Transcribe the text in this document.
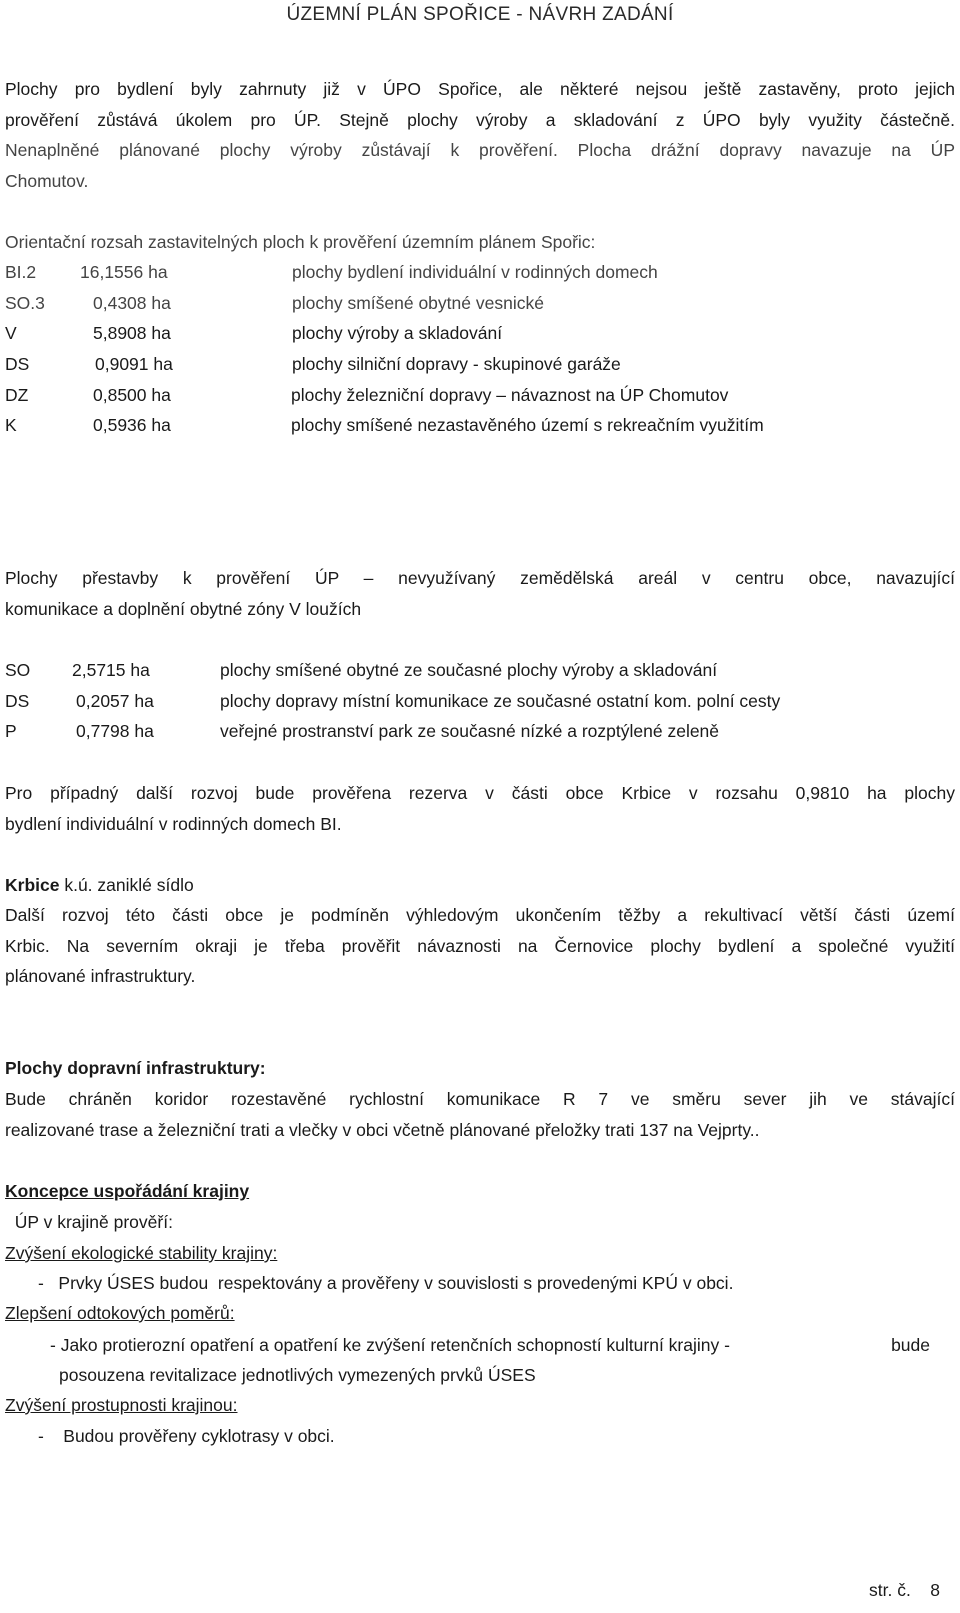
ÚZEMNÍ PLÁN SPOŘICE - NÁVRH ZADÁNÍ
Plochy pro bydlení byly zahrnuty již v ÚPO Spořice, ale některé nejsou ještě zastavěny, proto jejich
prověření zůstává úkolem pro ÚP. Stejně plochy výroby a skladování z ÚPO byly využity částečně.
Nenaplněné plánované plochy výroby zůstávají k prověření. Plocha drážní dopravy navazuje na ÚP
Chomutov.
Orientační rozsah zastavitelných ploch k prověření územním plánem Spořic:
BI.2	16,1556 ha	plochy bydlení individuální v rodinných domech
SO.3	0,4308 ha	plochy smíšené obytné vesnické
V	5,8908 ha	plochy výroby a skladování
DS	0,9091 ha	plochy silniční dopravy - skupinové garáže
DZ	0,8500 ha	plochy železniční dopravy – návaznost na ÚP Chomutov
K	0,5936 ha	plochy smíšené nezastavěného území s rekreačním využitím
Plochy přestavby k prověření ÚP – nevyužívaný zemědělská areál v centru obce, navazující
komunikace a doplnění obytné zóny V loužích
SO 2,5715 ha	plochy smíšené obytné ze současné plochy výroby a skladování
DS	0,2057 ha	plochy dopravy místní komunikace ze současné ostatní kom. polní cesty
P	0,7798 ha	veřejné prostranství park ze současné nízké a rozptýlené zeleně
Pro případný další rozvoj bude prověřena rezerva v části obce Krbice v rozsahu 0,9810 ha plochy
bydlení individuální v rodinných domech BI.
Krbice k.ú. zaniklé sídlo
Další rozvoj této části obce je podmíněn výhledovým ukončením těžby a rekultivací větší části území
Krbic. Na severním okraji je třeba prověřit návaznosti na Černovice plochy bydlení a společné využití
plánované infrastruktury.
Plochy dopravní infrastruktury:
Bude chráněn koridor rozestavěné rychlostní komunikace R 7 ve směru sever jih ve stávající
realizované trase a železniční trati a vlečky v obci včetně plánované přeložky trati 137 na Vejprty..
Koncepce uspořádání krajiny
ÚP v krajině prověří:
Zvýšení ekologické stability krajiny:
-   Prvky ÚSES budou  respektovány a prověřeny v souvislosti s provedenými KPÚ v obci.
Zlepšení odtokových poměrů:
- Jako protierozní opatření a opatření ke zvýšení retenčních schopností kulturní krajiny -	bude
posouzena revitalizace jednotlivých vymezených prvků ÚSES
Zvýšení prostupnosti krajinou:
-    Budou prověřeny cyklotrasy v obci.
str. č.    8
